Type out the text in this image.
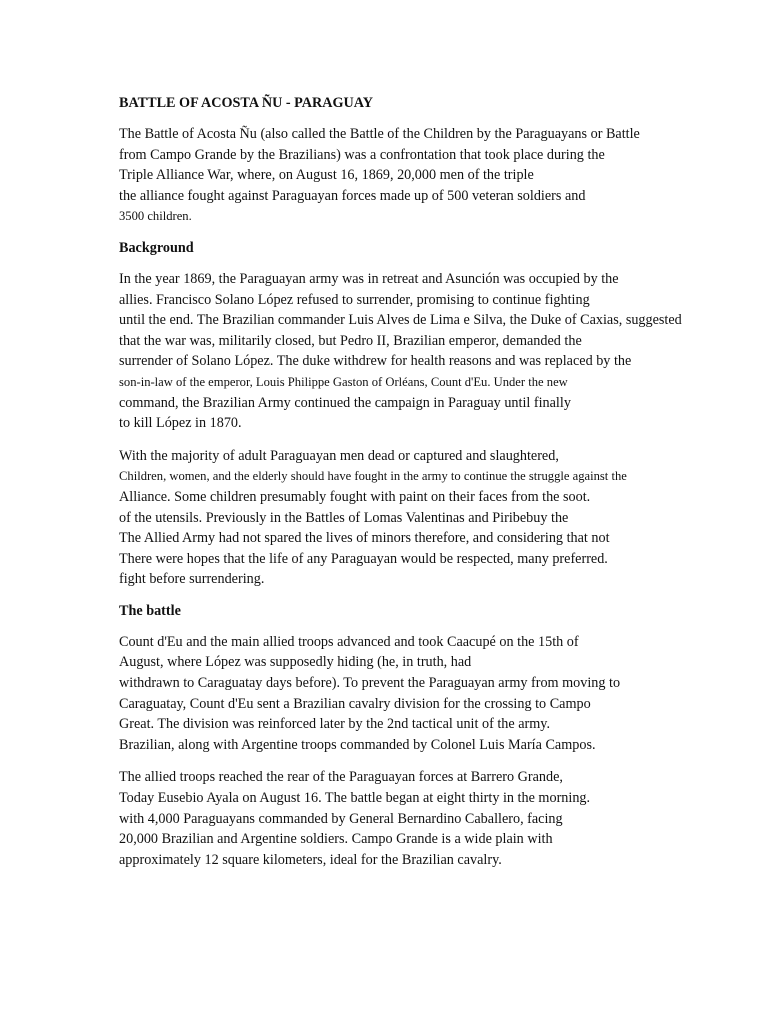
BATTLE OF ACOSTA ÑU - PARAGUAY
The Battle of Acosta Ñu (also called the Battle of the Children by the Paraguayans or Battle
from Campo Grande by the Brazilians) was a confrontation that took place during the
Triple Alliance War, where, on August 16, 1869, 20,000 men of the triple
the alliance fought against Paraguayan forces made up of 500 veteran soldiers and
3500 children.
Background
In the year 1869, the Paraguayan army was in retreat and Asunción was occupied by the
allies. Francisco Solano López refused to surrender, promising to continue fighting
until the end. The Brazilian commander Luis Alves de Lima e Silva, the Duke of Caxias, suggested
that the war was, militarily closed, but Pedro II, Brazilian emperor, demanded the
surrender of Solano López. The duke withdrew for health reasons and was replaced by the
son-in-law of the emperor, Louis Philippe Gaston of Orléans, Count d'Eu. Under the new
command, the Brazilian Army continued the campaign in Paraguay until finally
to kill López in 1870.
With the majority of adult Paraguayan men dead or captured and slaughtered,
Children, women, and the elderly should have fought in the army to continue the struggle against the
Alliance. Some children presumably fought with paint on their faces from the soot.
of the utensils. Previously in the Battles of Lomas Valentinas and Piribebuy the
The Allied Army had not spared the lives of minors therefore, and considering that not
There were hopes that the life of any Paraguayan would be respected, many preferred.
fight before surrendering.
The battle
Count d'Eu and the main allied troops advanced and took Caacupé on the 15th of
August, where López was supposedly hiding (he, in truth, had
withdrawn to Caraguatay days before). To prevent the Paraguayan army from moving to
Caraguatay, Count d'Eu sent a Brazilian cavalry division for the crossing to Campo
Great. The division was reinforced later by the 2nd tactical unit of the army.
Brazilian, along with Argentine troops commanded by Colonel Luis María Campos.
The allied troops reached the rear of the Paraguayan forces at Barrero Grande,
Today Eusebio Ayala on August 16. The battle began at eight thirty in the morning.
with 4,000 Paraguayans commanded by General Bernardino Caballero, facing
20,000 Brazilian and Argentine soldiers. Campo Grande is a wide plain with
approximately 12 square kilometers, ideal for the Brazilian cavalry.
